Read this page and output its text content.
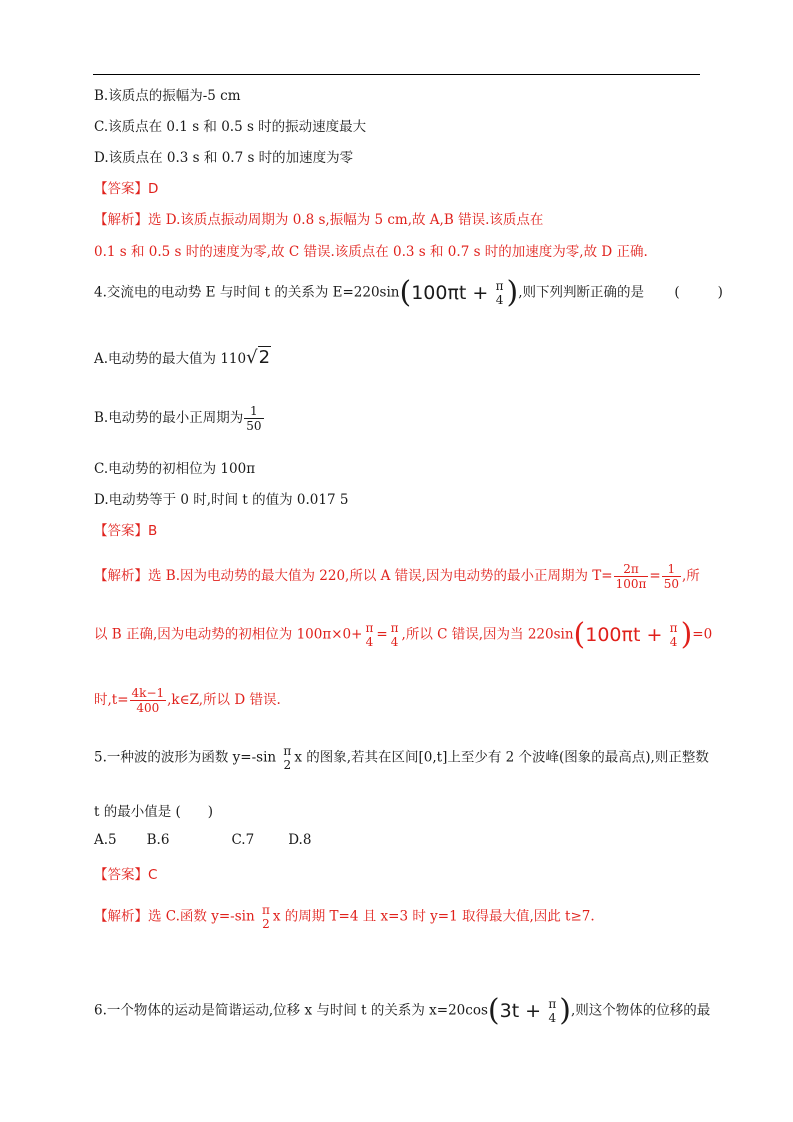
B.该质点的振幅为-5 cm
C.该质点在 0.1 s 和 0.5 s 时的振动速度最大
D.该质点在 0.3 s 和 0.7 s 时的加速度为零
【答案】D
【解析】选 D.该质点振动周期为 0.8 s,振幅为 5 cm,故 A,B 错误.该质点在
0.1 s 和 0.5 s 时的速度为零,故 C 错误.该质点在 0.3 s 和 0.7 s 时的加速度为零,故 D 正确.
4.交流电的电动势 E 与时间 t 的关系为 E=220sin(100πt + π
4 ),则下列判断正确的是 (	)
A.电动势的最大值为 110√2
B.电动势的最小正周期为 $\frac{1}{50}$
C.电动势的初相位为 100π
D.电动势等于 0 时,时间 t 的值为 0.017 5
【答案】B
【解析】选 B.因为电动势的最大值为 220,所以 A 错误,因为电动势的最小正周期为 $T= \frac{2\pi}{100\pi} = \frac{1}{50}$ ,所
以 B 正确,因为电动势的初相位为 100π×0+ π
4 = π
4 ,所以 C 错误,因为当 220sin(100πt + π
4 )=0
时$,t= \frac{4k-1}{400}$ ,k∈Z,所以 D 错误.
5.一种波的波形为函数 y=-sin π
2 x 的图象,若其在区间[0,t]上至少有 2 个波峰(图象的最高点),则正整数
t 的最小值是 (　　)
A.5 B.6	C.7	D.8
【答案】C
【解析】选 C.函数 y=-sin π
2 x 的周期 T=4 且 x=3 时 y=1 取得最大值,因此 t≥7.
6.一个物体的运动是简谐运动,位移 x 与时间 t 的关系为 x=20cos(3t + π
4 ),则这个物体的位移的最
